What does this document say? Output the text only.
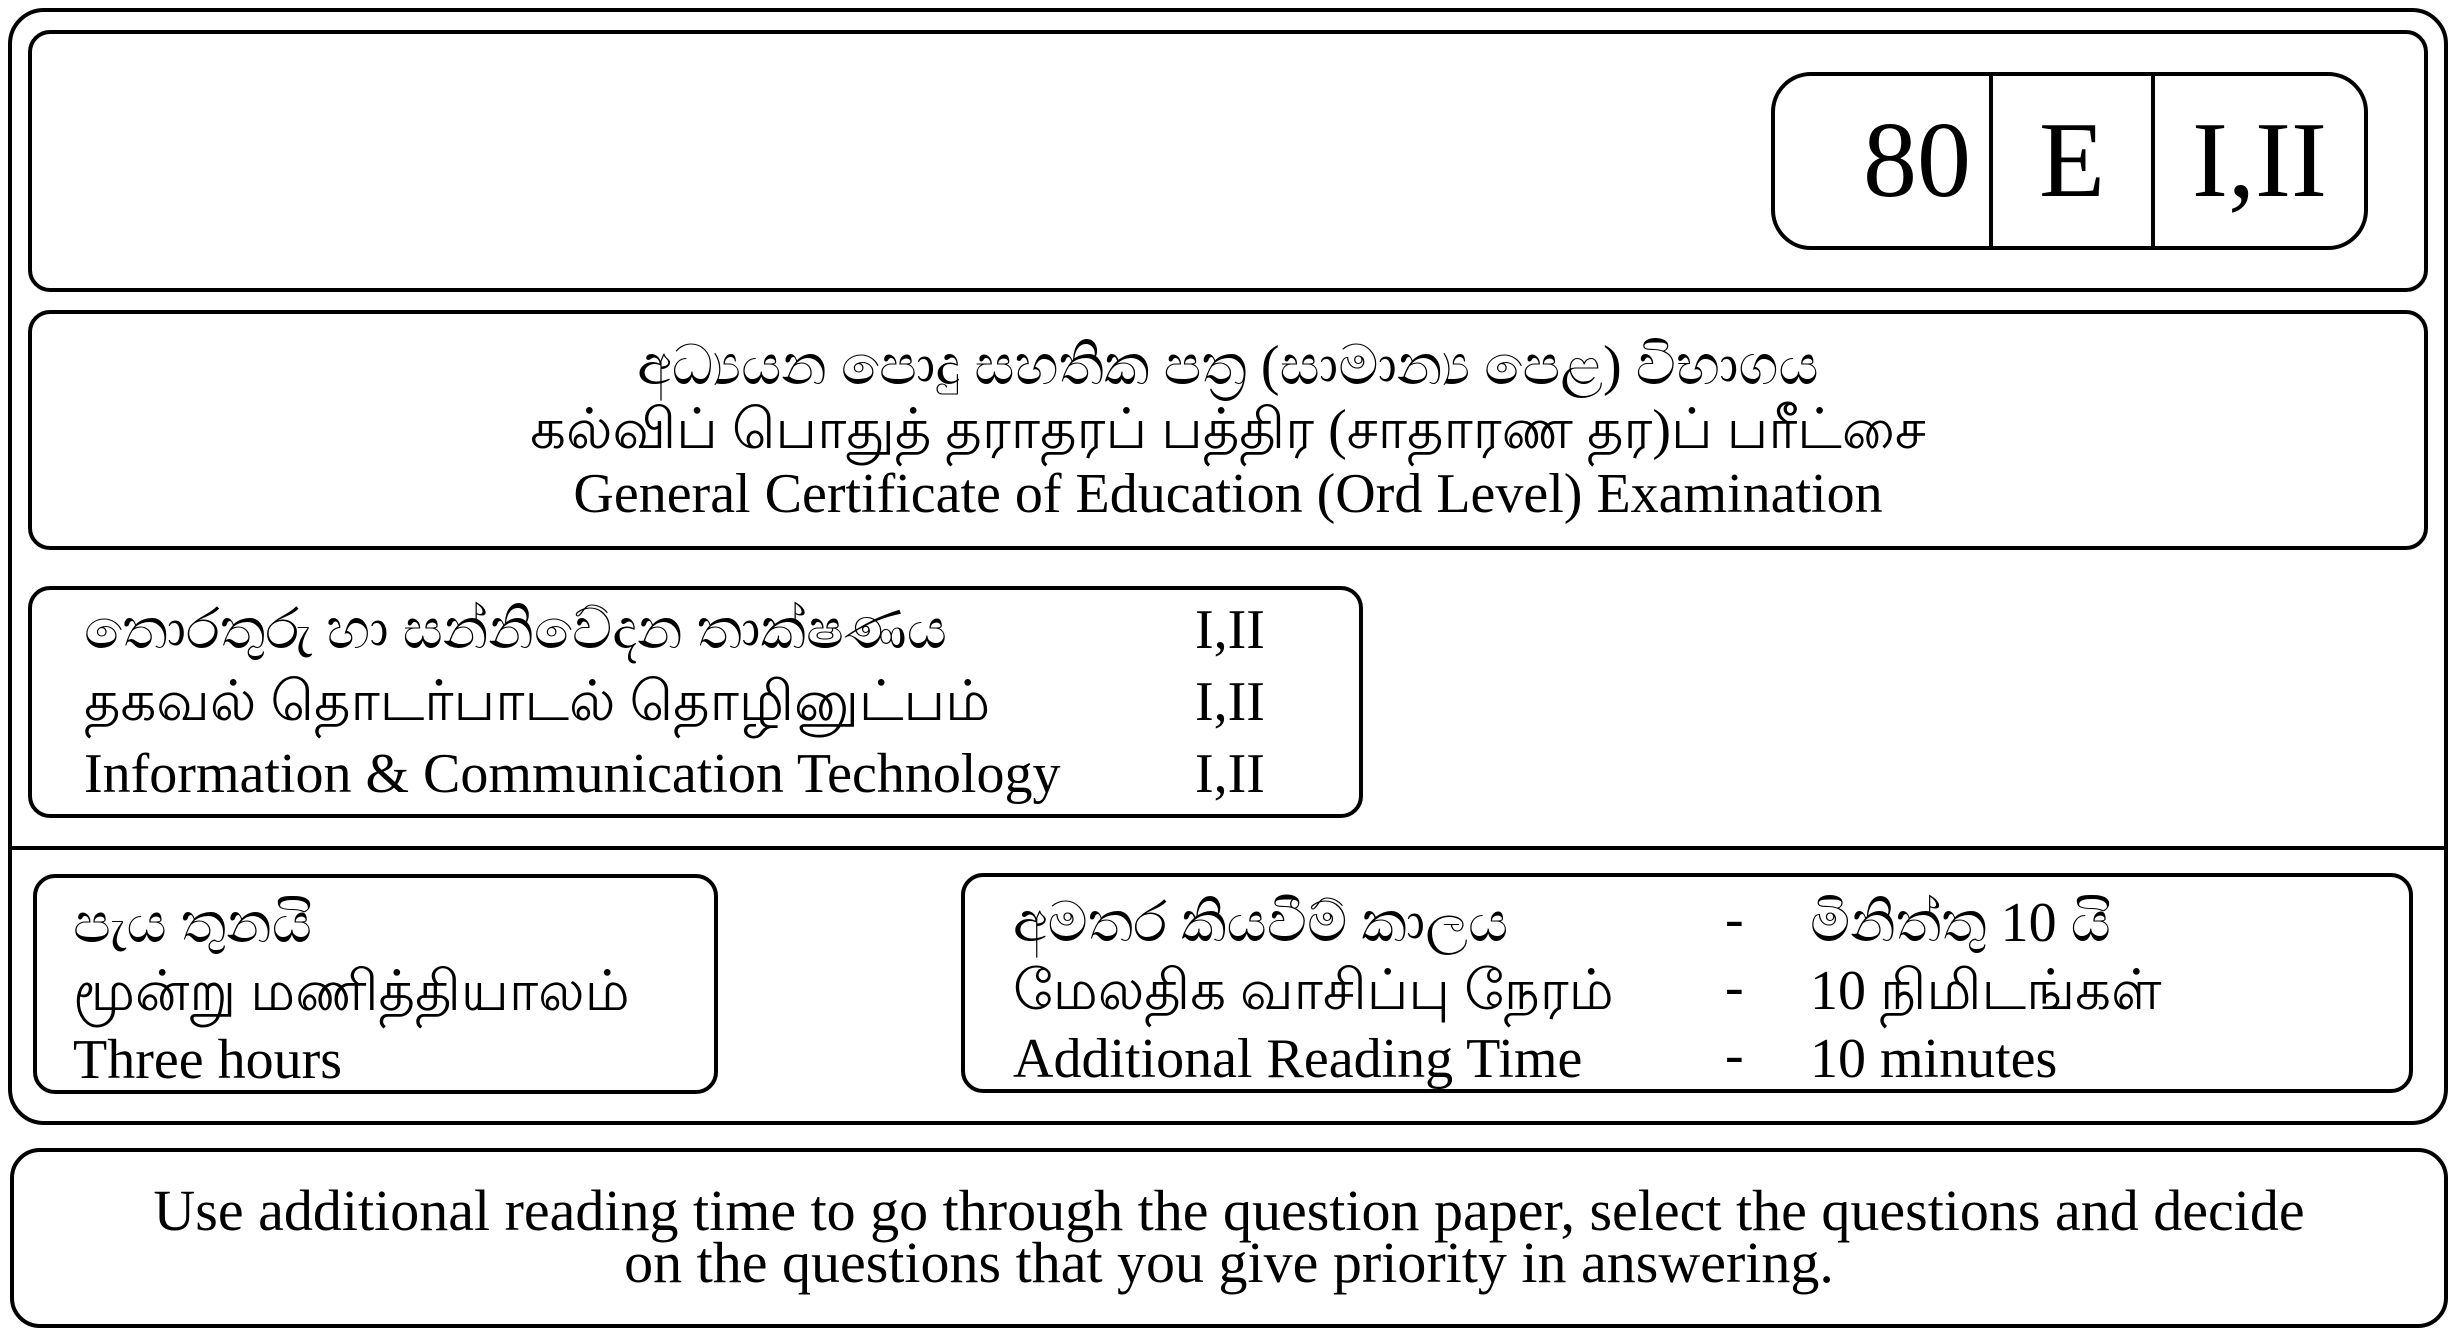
80 E I,II
අධ්‍යයන පොදු සහතික පත්‍ර (සාමාන්‍ය පෙළ) විභාගය
கல்விப் பொதுத் தராதரப் பத்திர (சாதாரண தர)ப் பரீட்சை
General Certificate of Education (Ord Level) Examination
තොරතුරු හා සන්නිවේදන තාක්ෂණය	I,II
தகவல் தொடர்பாடல் தொழினுட்பம்	I,II
Information & Communication Technology I,II
පැය තුනයි
மூன்று மணித்தியாலம்
Three hours
අමතර කියවීම් කාලය	- මිනිත්තු 10 යි
மேலதிக வாசிப்பு நேரம் - 10 நிமிடங்கள்
Additional Reading Time	- 10 minutes
Use additional reading time to go through the question paper, select the questions and decide
on the questions that you give priority in answering.
